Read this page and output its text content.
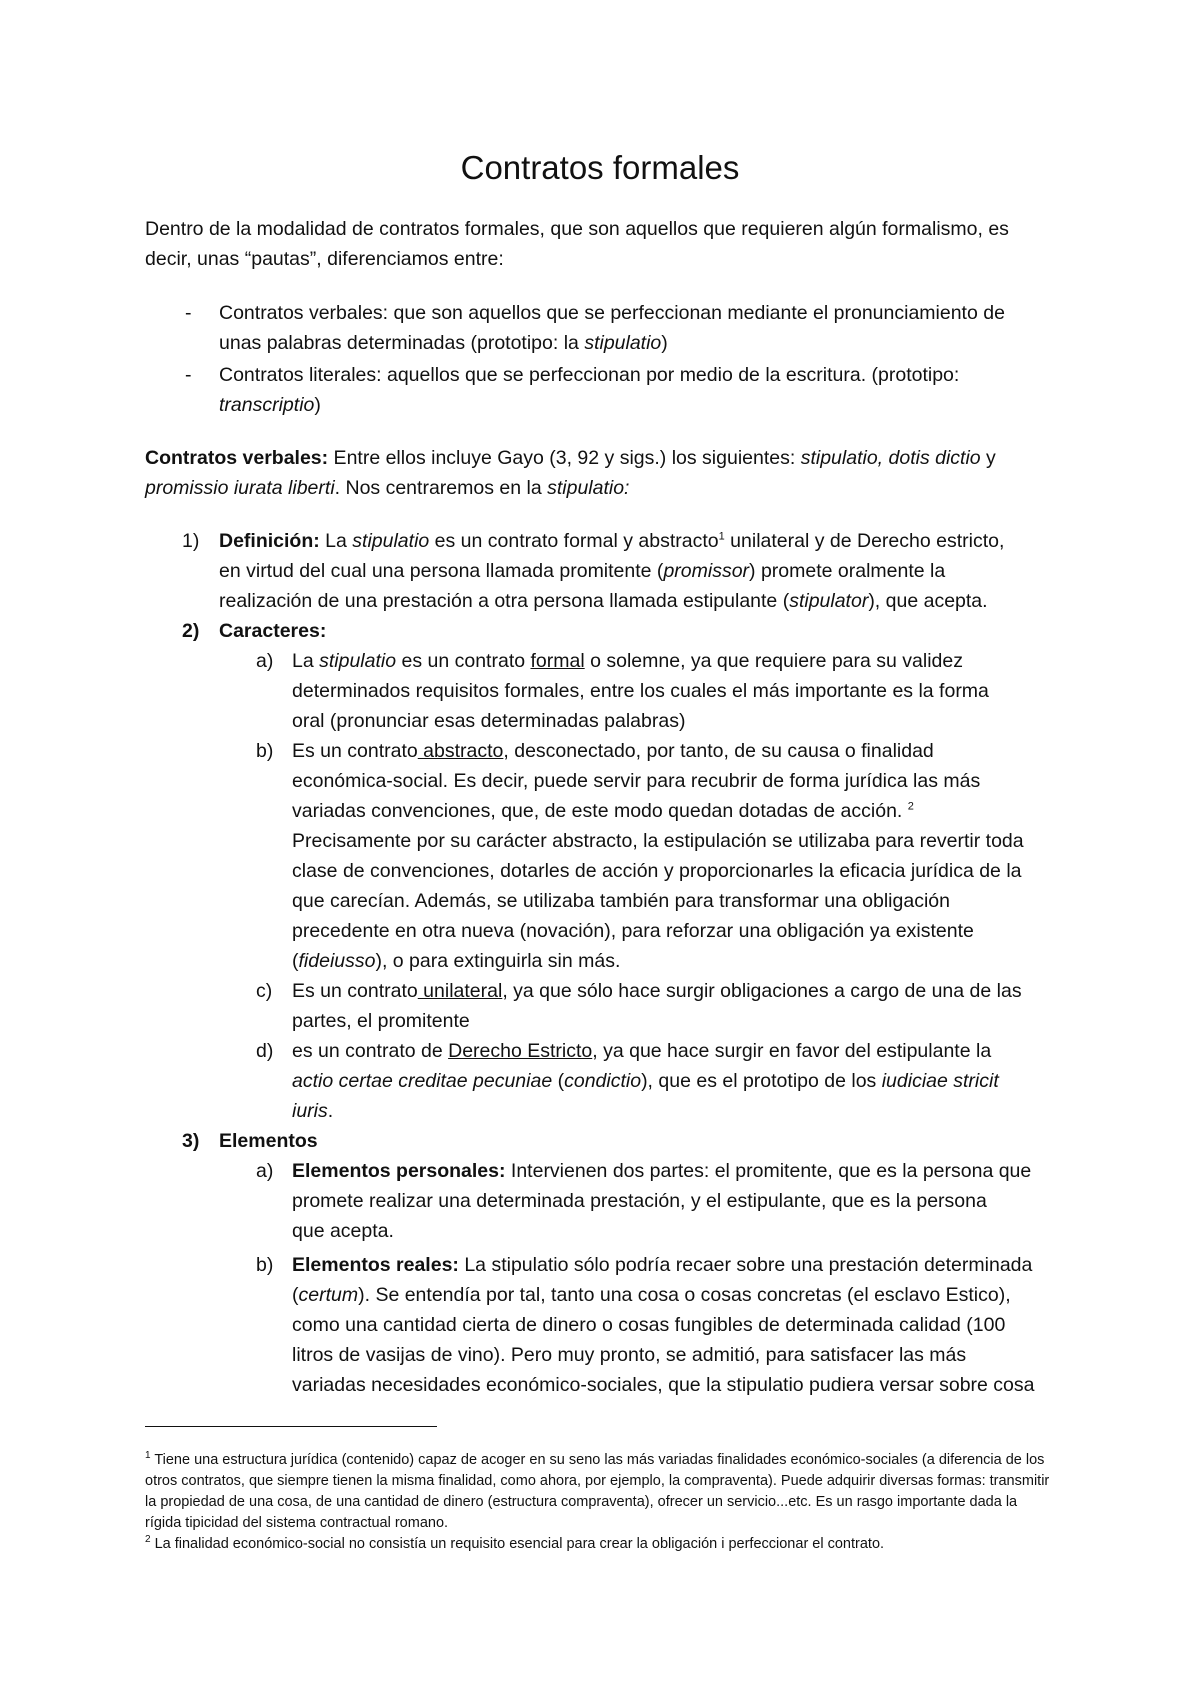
Contratos formales

Dentro de la modalidad de contratos formales, que son aquellos que requieren algún formalismo, es

decir, unas “pautas”, diferenciamos entre:

- Contratos verbales: que son aquellos que se perfeccionan mediante el pronunciamiento de

unas palabras determinadas (prototipo: la stipulatio)

- Contratos literales: aquellos que se perfeccionan por medio de la escritura. (prototipo:

transcriptio)

Contratos verbales: Entre ellos incluye Gayo (3, 92 y sigs.) los siguientes: stipulatio, dotis dictio y

promissio iurata liberti. Nos centraremos en la stipulatio:

1) Definición: La stipulatio es un contrato formal y abstracto$^1$ unilateral y de Derecho estricto,

en virtud del cual una persona llamada promitente (promissor) promete oralmente la

realización de una prestación a otra persona llamada estipulante (stipulator), que acepta.

2) Caracteres:

a) La stipulatio es un contrato formal o solemne, ya que requiere para su validez

determinados requisitos formales, entre los cuales el más importante es la forma

oral (pronunciar esas determinadas palabras)

b) Es un contrato abstracto, desconectado, por tanto, de su causa o finalidad

económica-social. Es decir, puede servir para recubrir de forma jurídica las más

variadas convenciones, que, de este modo quedan dotadas de acción. $^2$

Precisamente por su carácter abstracto, la estipulación se utilizaba para revertir toda

clase de convenciones, dotarles de acción y proporcionarles la eficacia jurídica de la

que carecían. Además, se utilizaba también para transformar una obligación

precedente en otra nueva (novación), para reforzar una obligación ya existente

(fideiusso), o para extinguirla sin más.

c) Es un contrato unilateral, ya que sólo hace surgir obligaciones a cargo de una de las

partes, el promitente

d) es un contrato de Derecho Estricto, ya que hace surgir en favor del estipulante la

actio certae creditae pecuniae (condictio), que es el prototipo de los iudiciae stricit

iuris.

3) Elementos

a) Elementos personales: Intervienen dos partes: el promitente, que es la persona que

promete realizar una determinada prestación, y el estipulante, que es la persona

que acepta.

b) Elementos reales: La stipulatio sólo podría recaer sobre una prestación determinada

(certum). Se entendía por tal, tanto una cosa o cosas concretas (el esclavo Estico),

como una cantidad cierta de dinero o cosas fungibles de determinada calidad (100

litros de vasijas de vino). Pero muy pronto, se admitió, para satisfacer las más

variadas necesidades económico-sociales, que la stipulatio pudiera versar sobre cosa

$^1$ Tiene una estructura jurídica (contenido) capaz de acoger en su seno las más variadas finalidades económico-sociales (a diferencia de los otros contratos, que siempre tienen la misma finalidad, como ahora, por ejemplo, la compraventa). Puede adquirir diversas formas: transmitir la propiedad de una cosa, de una cantidad de dinero (estructura compraventa), ofrecer un servicio...etc. Es un rasgo importante dada la rígida tipicidad del sistema contractual romano.

$^2$ La finalidad económico-social no consistía un requisito esencial para crear la obligación i perfeccionar el contrato.
